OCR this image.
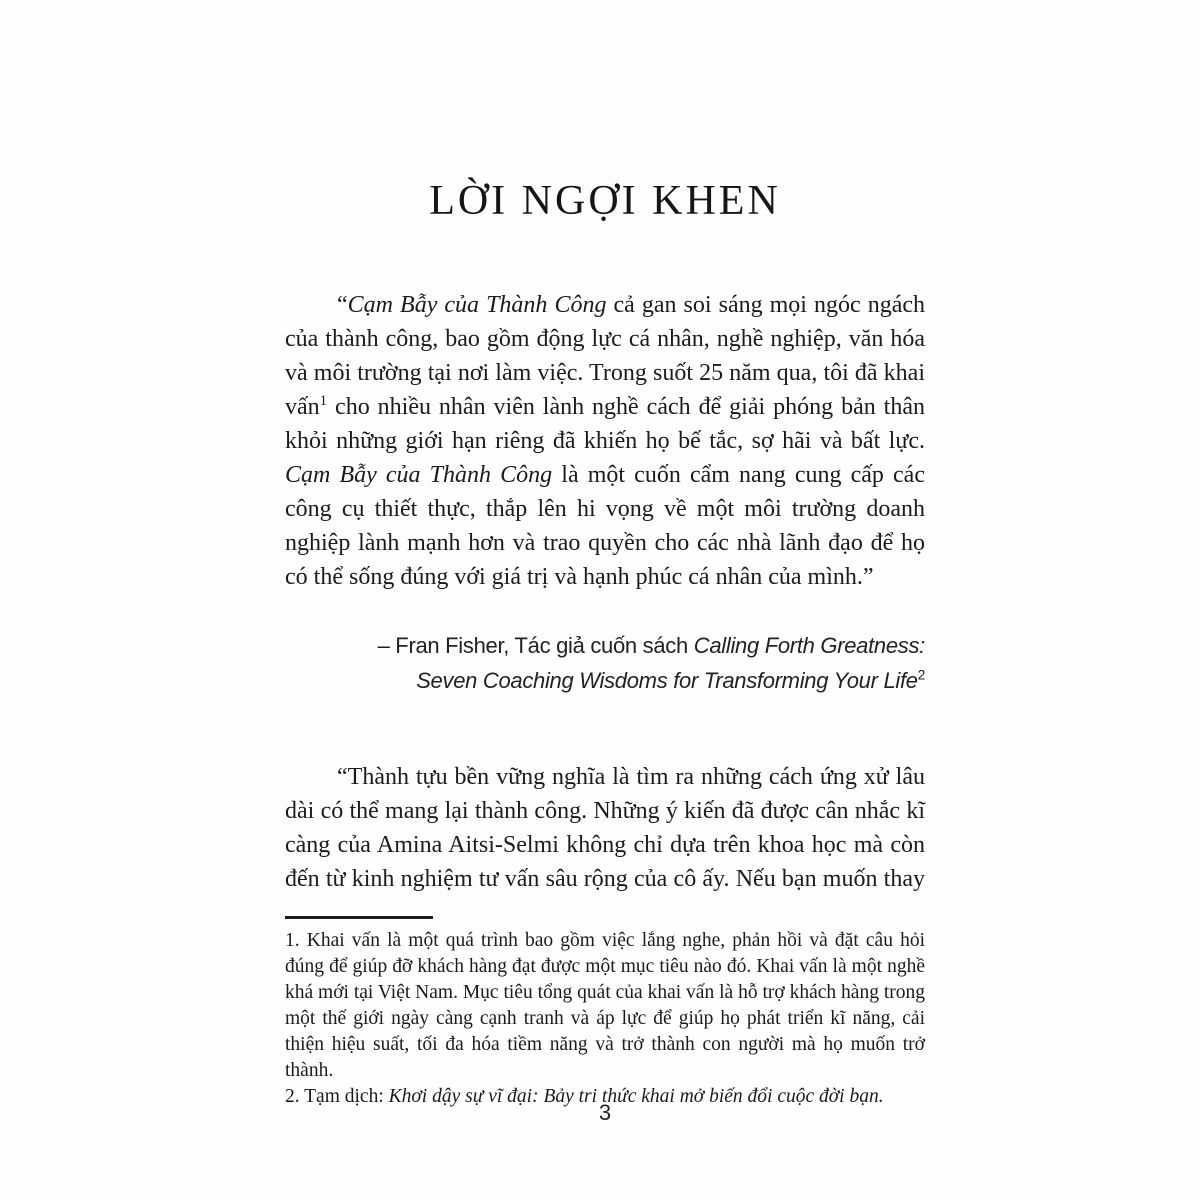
LỜI NGỢI KHEN

“Cạm Bẫy của Thành Công cả gan soi sáng mọi ngóc ngách của thành công, bao gồm động lực cá nhân, nghề nghiệp, văn hóa và môi trường tại nơi làm việc. Trong suốt 25 năm qua, tôi đã khai vấn$^1$ cho nhiều nhân viên lành nghề cách để giải phóng bản thân khỏi những giới hạn riêng đã khiến họ bế tắc, sợ hãi và bất lực. Cạm Bẫy của Thành Công là một cuốn cẩm nang cung cấp các công cụ thiết thực, thắp lên hi vọng về một môi trường doanh nghiệp lành mạnh hơn và trao quyền cho các nhà lãnh đạo để họ có thể sống đúng với giá trị và hạnh phúc cá nhân của mình.”

– Fran Fisher, Tác giả cuốn sách Calling Forth Greatness:
Seven Coaching Wisdoms for Transforming Your Life$^2$

“Thành tựu bền vững nghĩa là tìm ra những cách ứng xử lâu dài có thể mang lại thành công. Những ý kiến đã được cân nhắc kĩ càng của Amina Aitsi-Selmi không chỉ dựa trên khoa học mà còn đến từ kinh nghiệm tư vấn sâu rộng của cô ấy. Nếu bạn muốn thay

1. Khai vấn là một quá trình bao gồm việc lắng nghe, phản hồi và đặt câu hỏi đúng để giúp đỡ khách hàng đạt được một mục tiêu nào đó. Khai vấn là một nghề khá mới tại Việt Nam. Mục tiêu tổng quát của khai vấn là hỗ trợ khách hàng trong một thế giới ngày càng cạnh tranh và áp lực để giúp họ phát triển kĩ năng, cải thiện hiệu suất, tối đa hóa tiềm năng và trở thành con người mà họ muốn trở thành.

2. Tạm dịch: Khơi dậy sự vĩ đại: Bảy tri thức khai mở biến đổi cuộc đời bạn.

3
